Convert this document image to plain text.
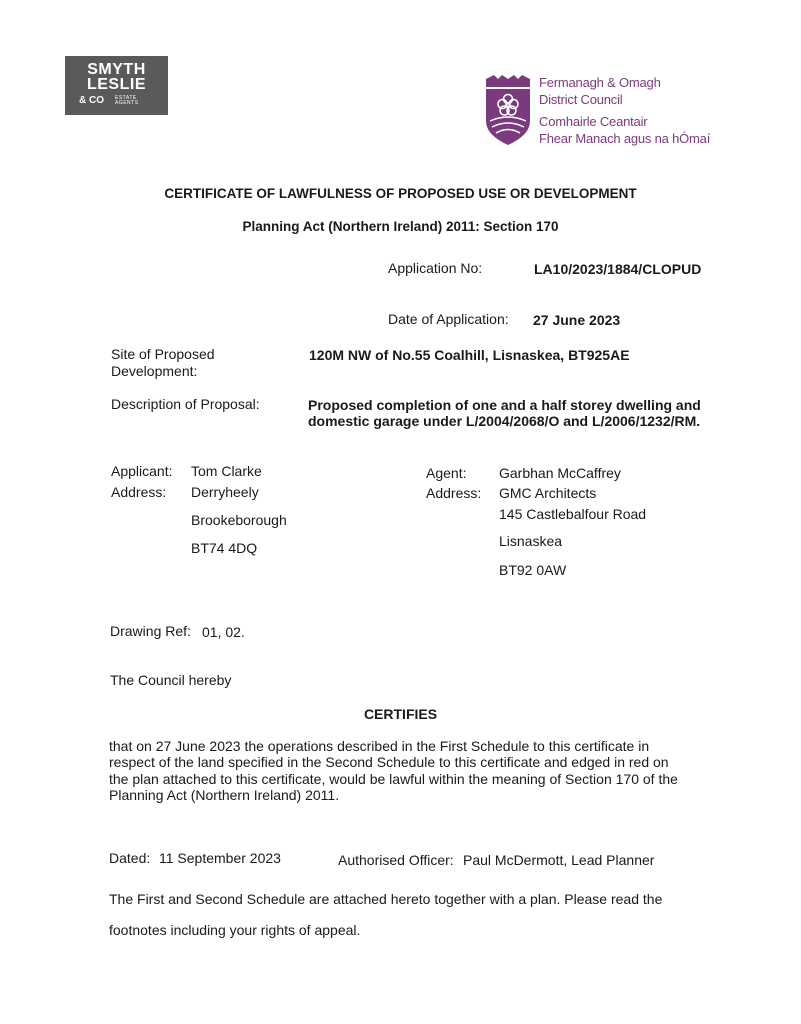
SMYTH
LESLIE
& CO ESTATE
AGENTS
Fermanagh & Omagh
District Council
Comhairle Ceantair
Fhear Manach agus na hÓmaí
CERTIFICATE OF LAWFULNESS OF PROPOSED USE OR DEVELOPMENT
Planning Act (Northern Ireland) 2011: Section 170
Application No:	LA10/2023/1884/CLOPUD
Date of Application: 27 June 2023
Site of Proposed
Development:
120M NW of No.55 Coalhill, Lisnaskea, BT925AE
Description of Proposal:	Proposed completion of one and a half storey dwelling and
domestic garage under L/2004/2068/O and L/2006/1232/RM.
Applicant: Tom Clarke
Address: Derryheely
Brookeborough
BT74 4DQ
Agent: Garbhan McCaffrey
Address: GMC Architects
145 Castlebalfour Road
Lisnaskea
BT92 0AW
Drawing Ref: 01, 02.
The Council hereby
CERTIFIES
that on 27 June 2023 the operations described in the First Schedule to this certificate in
respect of the land specified in the Second Schedule to this certificate and edged in red on
the plan attached to this certificate, would be lawful within the meaning of Section 170 of the
Planning Act (Northern Ireland) 2011.
Dated: 11 September 2023	Authorised Officer: Paul McDermott, Lead Planner
The First and Second Schedule are attached hereto together with a plan. Please read the
footnotes including your rights of appeal.
